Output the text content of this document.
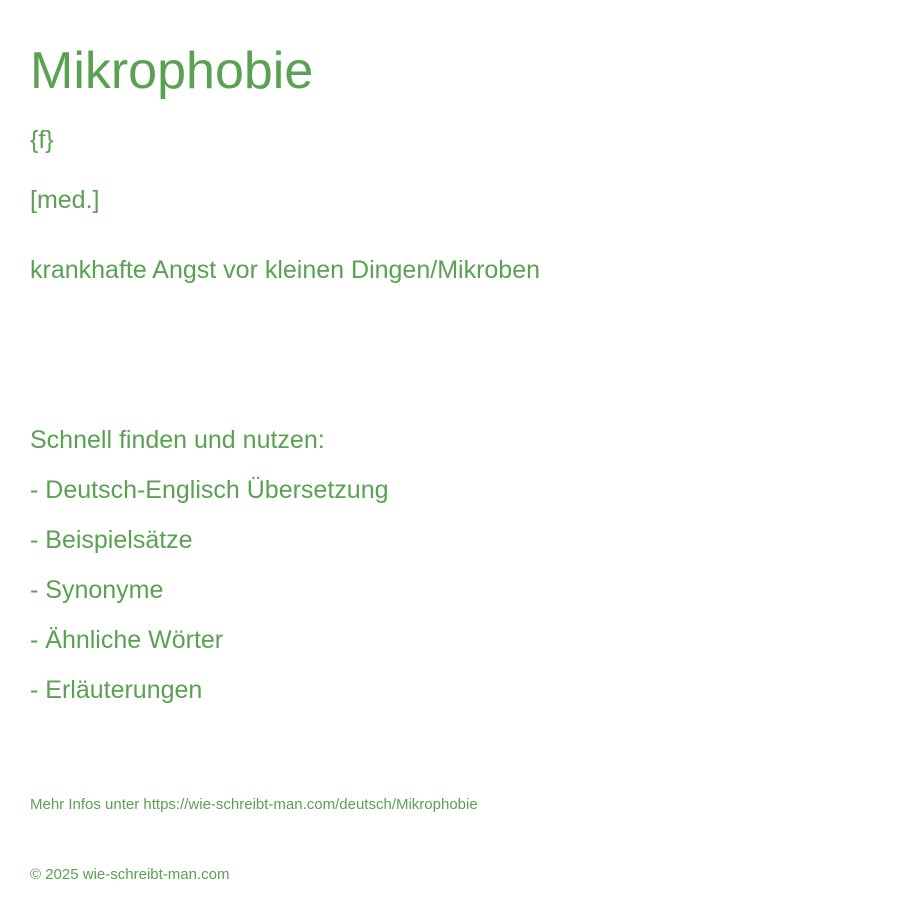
Mikrophobie
{f}
[med.]
krankhafte Angst vor kleinen Dingen/Mikroben
Schnell finden und nutzen:
- Deutsch-Englisch Übersetzung
- Beispielsätze
- Synonyme
- Ähnliche Wörter
- Erläuterungen
Mehr Infos unter https://wie-schreibt-man.com/deutsch/Mikrophobie
© 2025 wie-schreibt-man.com
